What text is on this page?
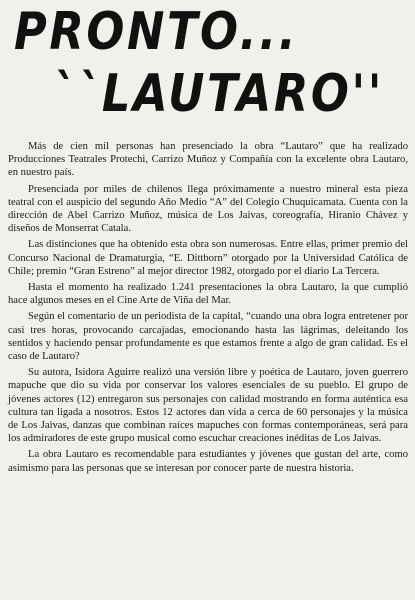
PRONTO...
``LAUTARO''

Más de cien mil personas han presenciado la obra “Lautaro” que ha realizado Producciones Teatrales Protechi, Carrizo Muñoz y Compañía con la excelente obra Lautaro, en nuestro país.

Presenciada por miles de chilenos llega próximamente a nuestro mineral esta pieza teatral con el auspicio del segundo Año Medio “A” del Colegio Chuquicamata. Cuenta con la dirección de Abel Carrizo Muñoz, música de Los Jaivas, coreografía, Hiranio Chávez y diseños de Monserrat Catala.

Las distinciones que ha obtenido esta obra son numerosas. Entre ellas, primer premio del Concurso Nacional de Dramaturgia, “E. Dittborn” otorgado por la Universidad Católica de Chile; premio “Gran Estreno” al mejor director 1982, otorgado por el diario La Tercera.

Hasta el momento ha realizado 1.241 presentaciones la obra Lautaro, la que cumplió hace algunos meses en el Cine Arte de Viña del Mar.

Según el comentario de un periodista de la capital, “cuando una obra logra entretener por casi tres horas, provocando carcajadas, emocionando hasta las lágrimas, deleitando los sentidos y haciendo pensar profundamente es que estamos frente a algo de gran calidad. Es el caso de Lautaro?

Su autora, Isidora Aguirre realizó una versión libre y poética de Lautaro, joven guerrero mapuche que dio su vida por conservar los valores esenciales de su pueblo. El grupo de jóvenes actores (12) entregaron sus personajes con calidad mostrando en forma auténtica esa cultura tan ligada a nosotros. Estos 12 actores dan vida a cerca de 60 personajes y la música de Los Jaivas, danzas que combinan raíces mapuches con formas contemporáneas, será para los admiradores de este grupo musical como escuchar creaciones inéditas de Los Jaivas.

La obra Lautaro es recomendable para estudiantes y jóvenes que gustan del arte, como asimismo para las personas que se interesan por conocer parte de nuestra historia.
